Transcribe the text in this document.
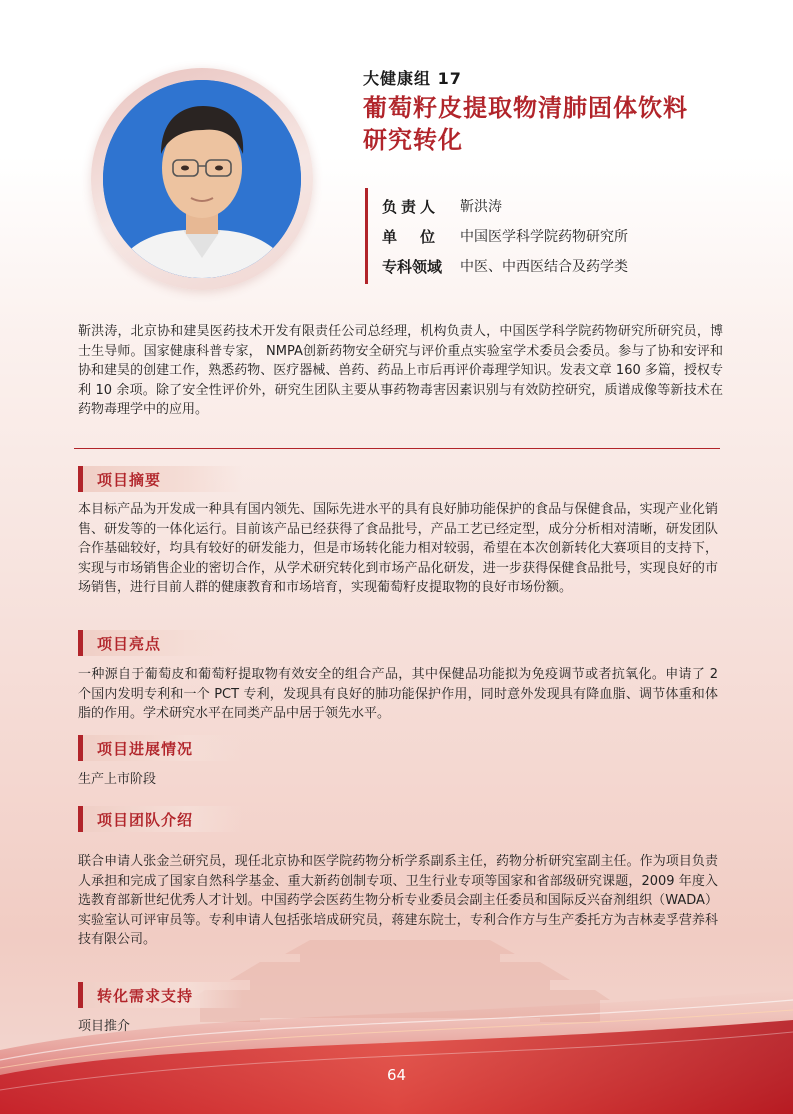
大健康组 17
葡萄籽皮提取物清肺固体饮料
研究转化
负责人	靳洪涛
单　位	中国医学科学院药物研究所
专科领域	中医、中西医结合及药学类
靳洪涛，北京协和建昊医药技术开发有限责任公司总经理，机构负责人，中国医学科学院药物研究所研究员，博士生导师。国家健康科普专家， NMPA创新药物安全研究与评价重点实验室学术委员会委员。参与了协和安评和协和建昊的创建工作，熟悉药物、医疗器械、兽药、药品上市后再评价毒理学知识。发表文章 160 多篇，授权专利 10 余项。除了安全性评价外，研究生团队主要从事药物毒害因素识别与有效防控研究，质谱成像等新技术在药物毒理学中的应用。
项目摘要
本目标产品为开发成一种具有国内领先、国际先进水平的具有良好肺功能保护的食品与保健食品，实现产业化销售、研发等的一体化运行。目前该产品已经获得了食品批号，产品工艺已经定型，成分分析相对清晰，研发团队合作基础较好，均具有较好的研发能力，但是市场转化能力相对较弱，希望在本次创新转化大赛项目的支持下，实现与市场销售企业的密切合作，从学术研究转化到市场产品化研发，进一步获得保健食品批号，实现良好的市场销售，进行目前人群的健康教育和市场培育，实现葡萄籽皮提取物的良好市场份额。
项目亮点
一种源自于葡萄皮和葡萄籽提取物有效安全的组合产品，其中保健品功能拟为免疫调节或者抗氧化。申请了 2 个国内发明专利和一个 PCT 专利，发现具有良好的肺功能保护作用，同时意外发现具有降血脂、调节体重和体脂的作用。学术研究水平在同类产品中居于领先水平。
项目进展情况
生产上市阶段
项目团队介绍
联合申请人张金兰研究员，现任北京协和医学院药物分析学系副系主任，药物分析研究室副主任。作为项目负责人承担和完成了国家自然科学基金、重大新药创制专项、卫生行业专项等国家和省部级研究课题，2009 年度入选教育部新世纪优秀人才计划。中国药学会医药生物分析专业委员会副主任委员和国际反兴奋剂组织（WADA）实验室认可评审员等。专利申请人包括张培成研究员，蒋建东院士，专利合作方与生产委托方为吉林麦孚营养科技有限公司。
转化需求支持
项目推介
64
